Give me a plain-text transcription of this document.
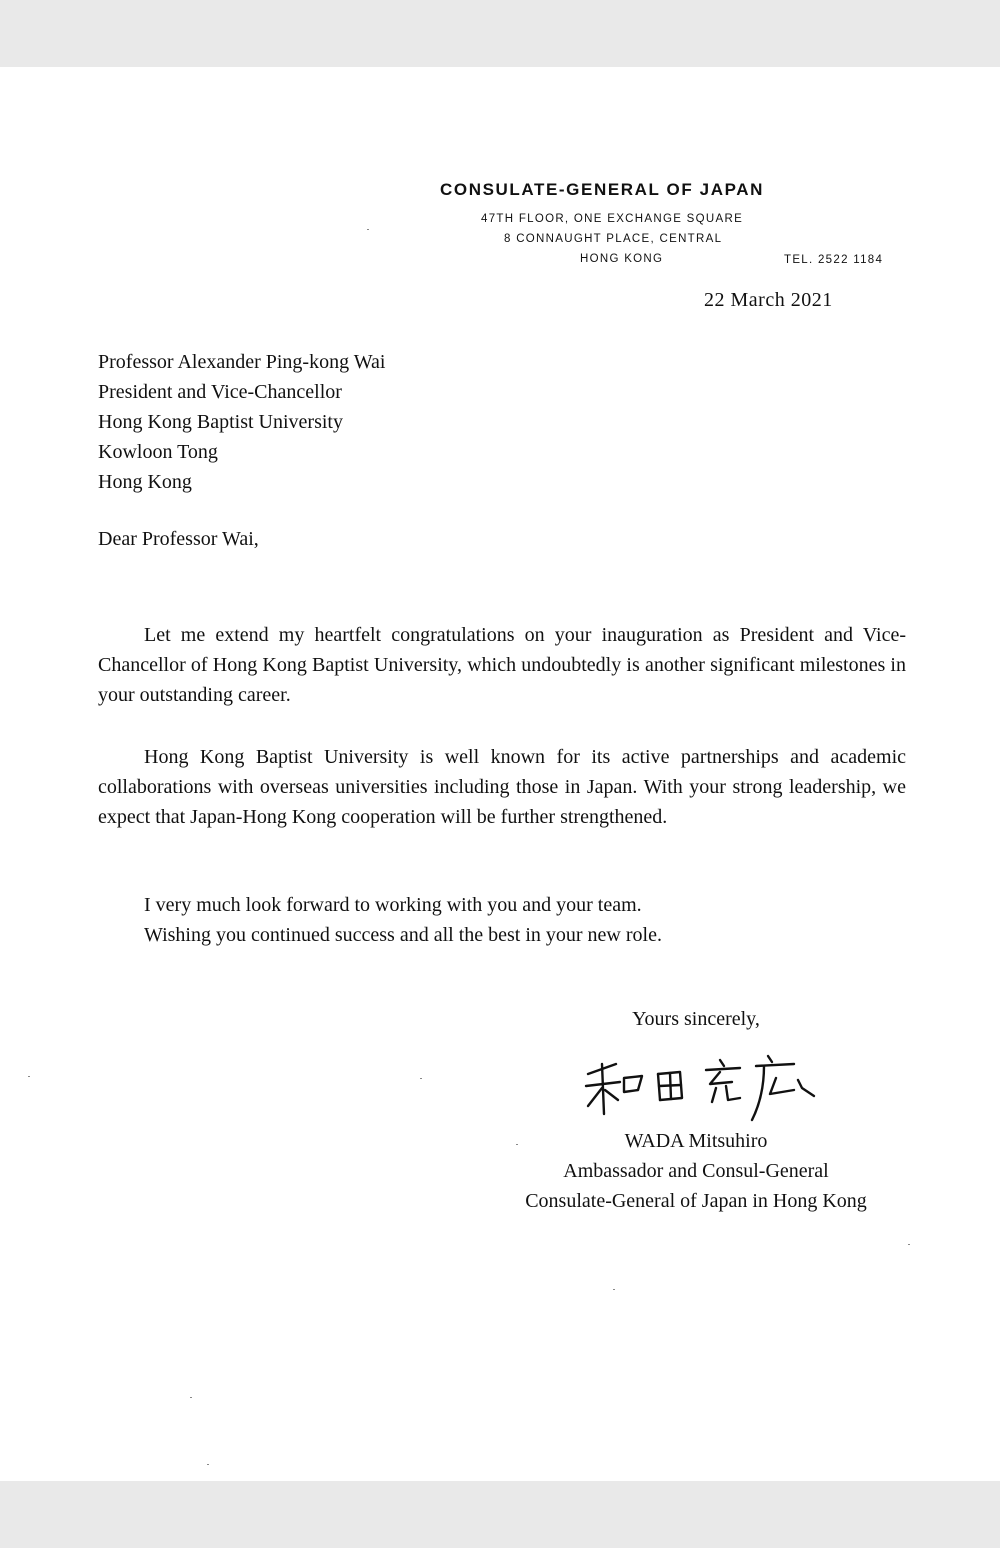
CONSULATE-GENERAL OF JAPAN
47TH FLOOR, ONE EXCHANGE SQUARE
8 CONNAUGHT PLACE, CENTRAL
HONG KONG	TEL. 2522 1184
22 March 2021
Professor Alexander Ping-kong Wai
President and Vice-Chancellor
Hong Kong Baptist University
Kowloon Tong
Hong Kong
Dear Professor Wai,

Let me extend my heartfelt congratulations on your inauguration as President and Vice-Chancellor of Hong Kong Baptist University, which undoubtedly is another significant milestones in your outstanding career.

Hong Kong Baptist University is well known for its active partnerships and academic collaborations with overseas universities including those in Japan. With your strong leadership, we expect that Japan-Hong Kong cooperation will be further strengthened.

I very much look forward to working with you and your team.
Wishing you continued success and all the best in your new role.
Yours sincerely,
WADA Mitsuhiro
Ambassador and Consul-General
Consulate-General of Japan in Hong Kong
